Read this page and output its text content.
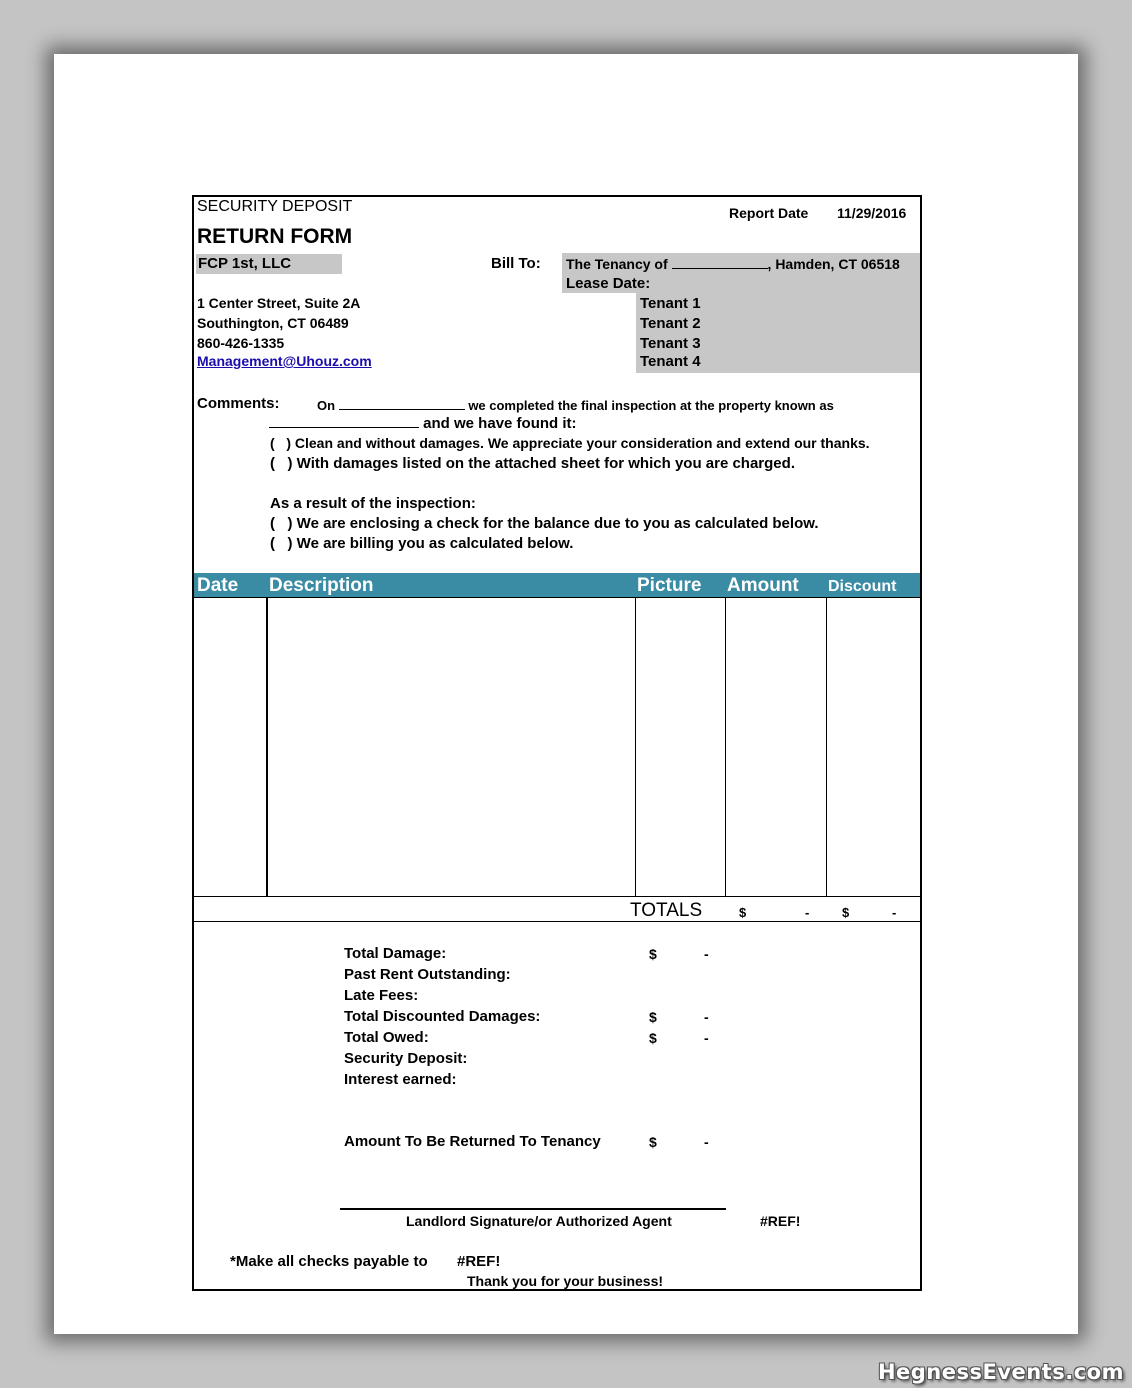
SECURITY DEPOSIT
RETURN FORM
Report Date 11/29/2016
FCP 1st, LLC
1 Center Street, Suite 2A
Southington, CT 06489
860-426-1335
Management@Uhouz.com
Bill To: The Tenancy of	, Hamden, CT 06518
Lease Date:
Tenant 1
Tenant 2
Tenant 3
Tenant 4
Comments:	On	we completed the final inspection at the property known as
and we have found it:
( ) Clean and without damages. We appreciate your consideration and extend our thanks.
( ) With damages listed on the attached sheet for which you are charged.
As a result of the inspection:
( ) We are enclosing a check for the balance due to you as calculated below.
( ) We are billing you as calculated below.
Date Description	Picture Amount Discount
TOTALS	$	-	$	-
Total Damage:	$	-
Past Rent Outstanding:
Late Fees:
Total Discounted Damages:	$	-
Total Owed:	$	-
Security Deposit:
Interest earned:
Amount To Be Returned To Tenancy	$	-
Landlord Signature/or Authorized Agent	#REF!
*Make all checks payable to #REF!
Thank you for your business!
HegnessEvents.com
